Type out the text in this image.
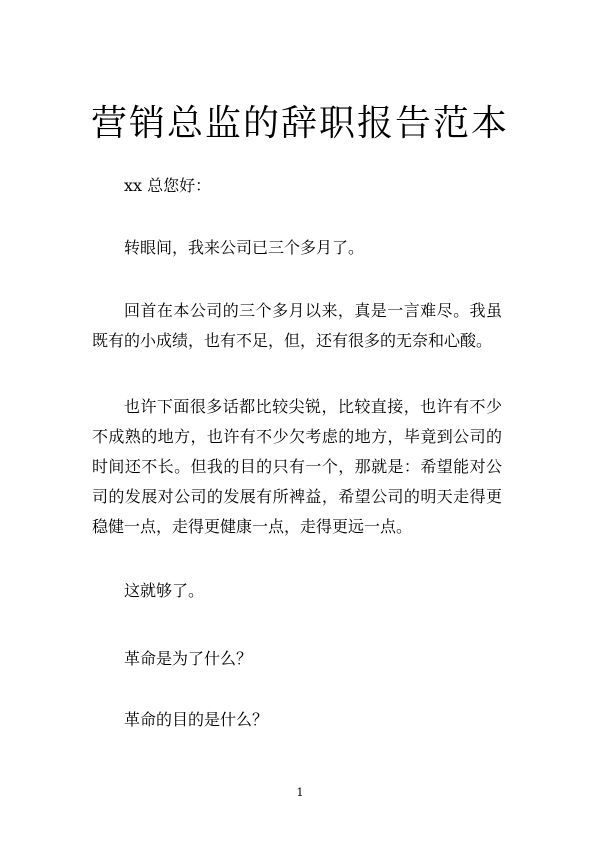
营销总监的辞职报告范本

xx 总您好：

转眼间，我来公司已三个多月了。

回首在本公司的三个多月以来，真是一言难尽。我虽既有的小成绩，也有不足，但，还有很多的无奈和心酸。

也许下面很多话都比较尖锐，比较直接，也许有不少不成熟的地方，也许有不少欠考虑的地方，毕竟到公司的时间还不长。但我的目的只有一个，那就是：希望能对公司的发展对公司的发展有所裨益，希望公司的明天走得更稳健一点，走得更健康一点，走得更远一点。

这就够了。

革命是为了什么？

革命的目的是什么？

1
